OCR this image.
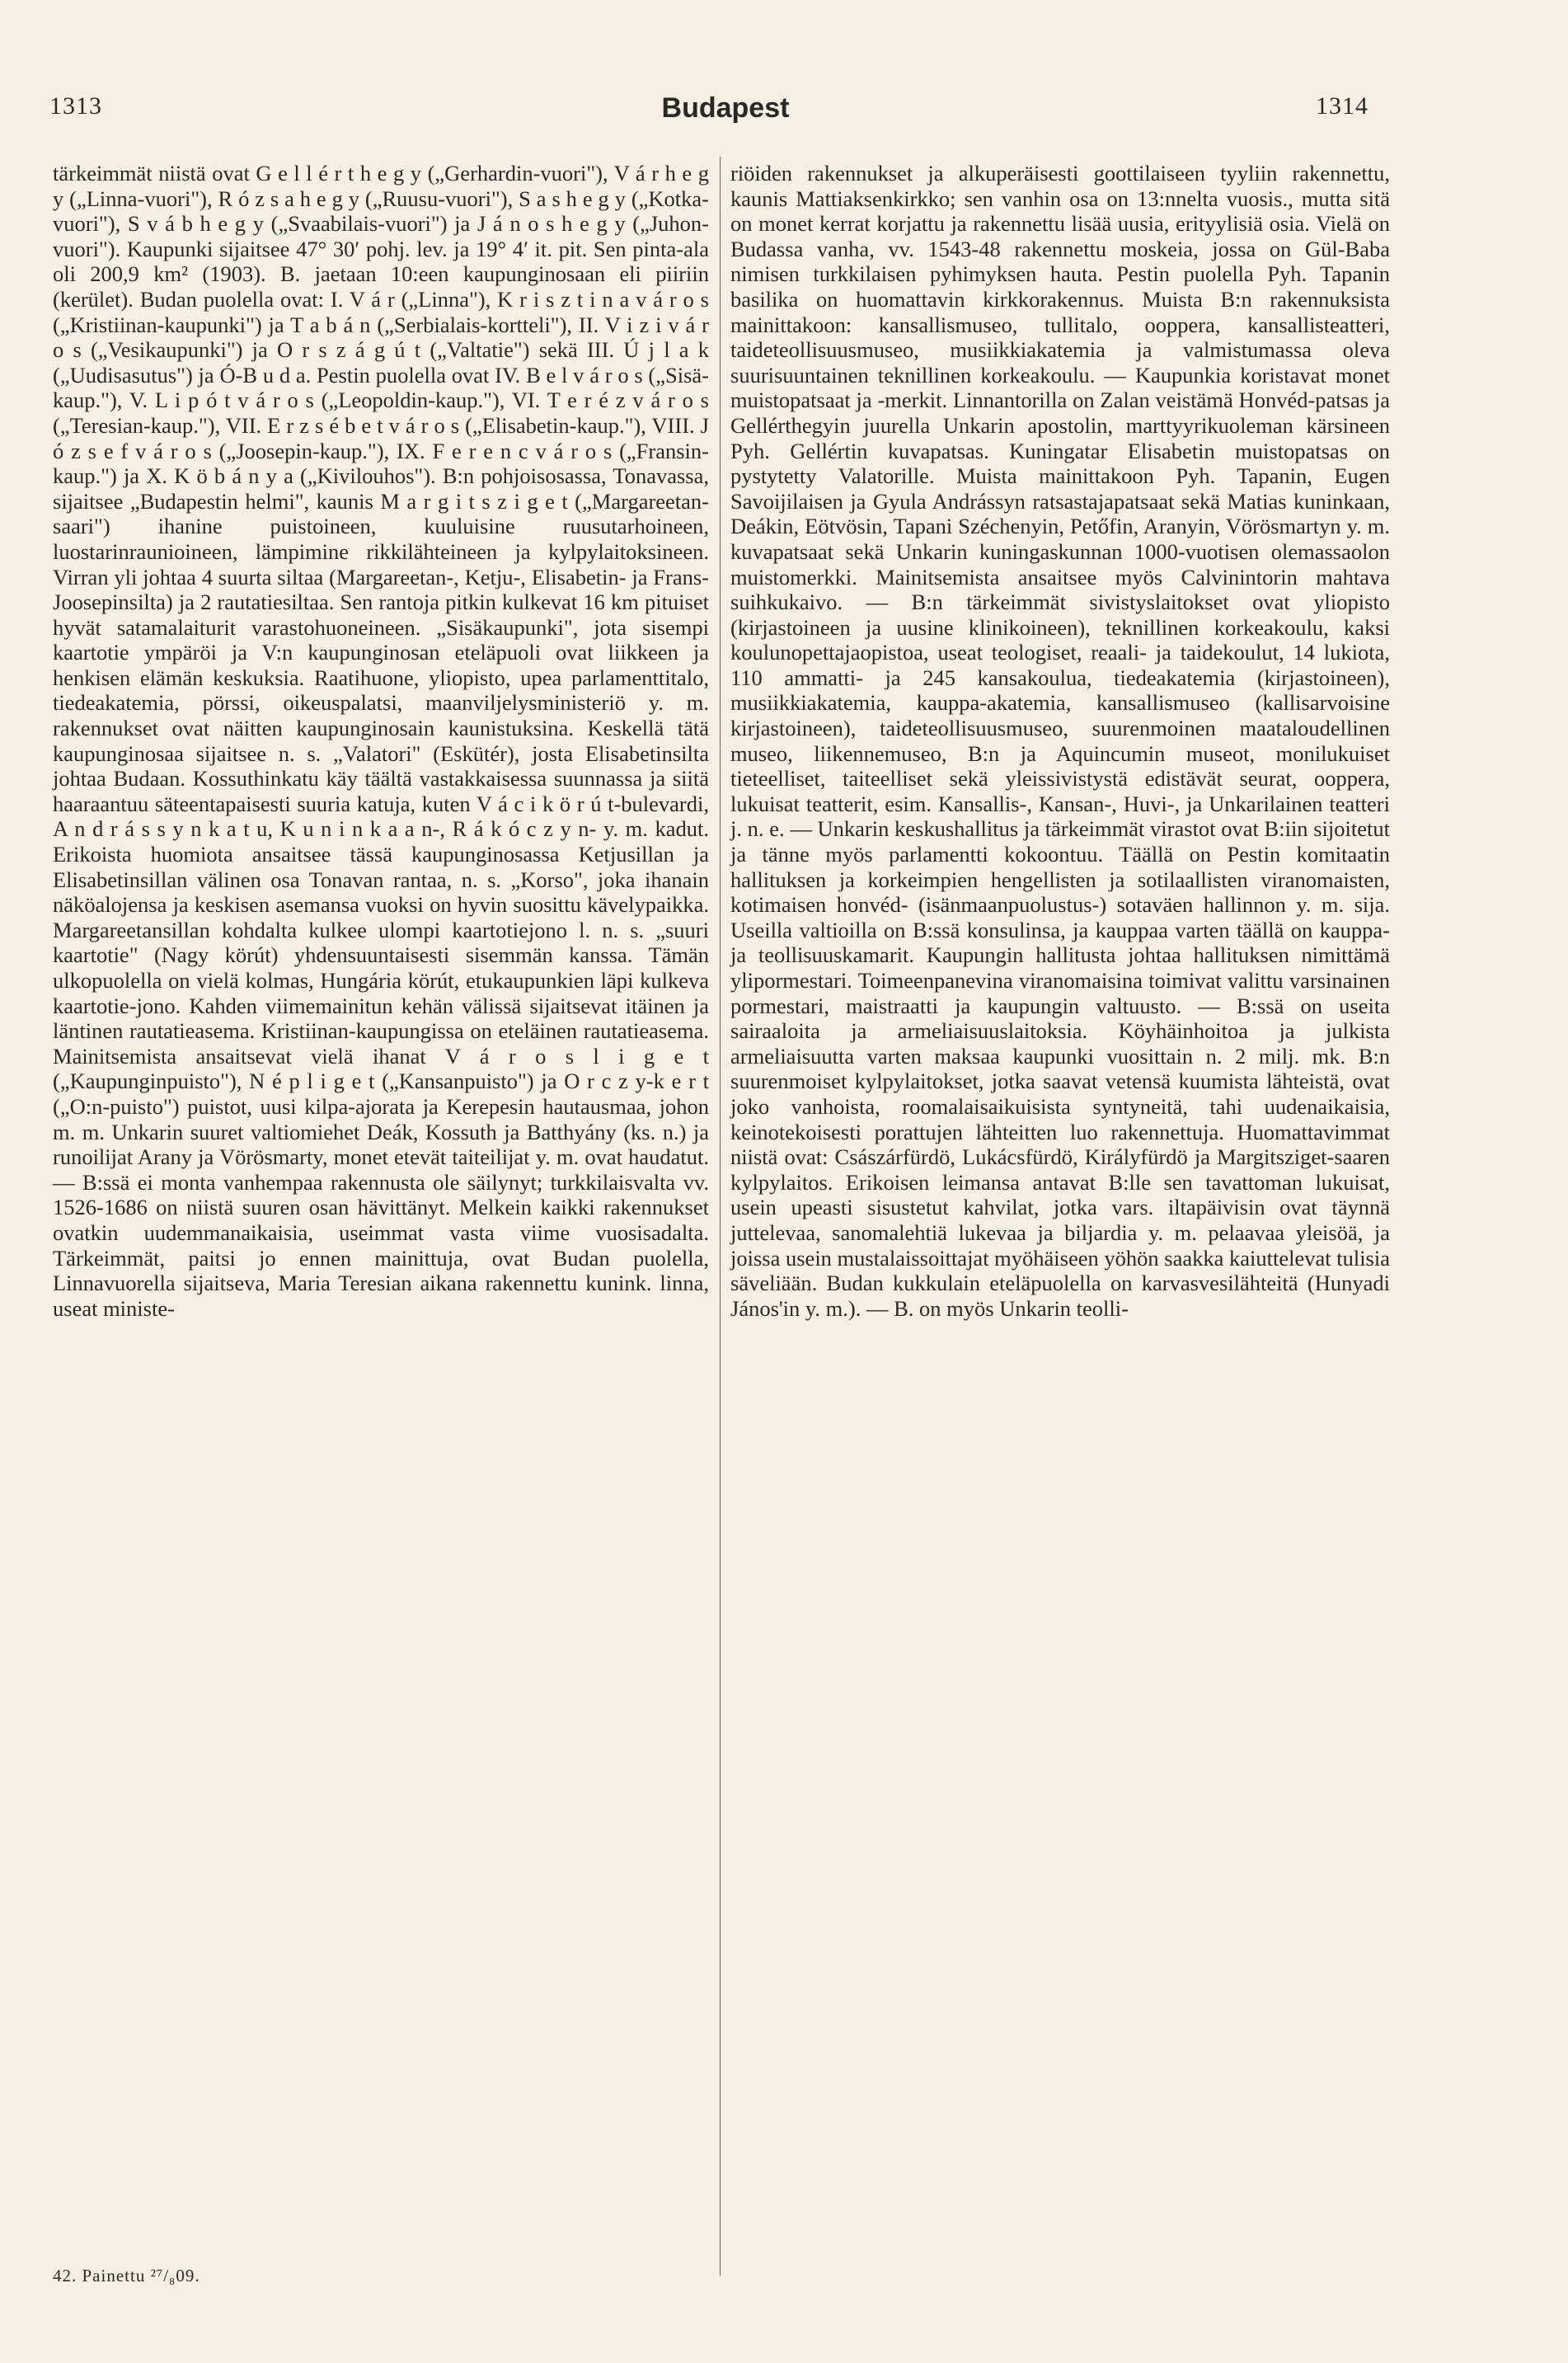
1313	Budapest	1314

tärkeimmät niistä ovat G e l l é r t h e g y („Gerhardin-vuori"), V á r h e g y („Linna-vuori"), R ó z s a h e g y („Ruusu-vuori"), S a s h e g y („Kotka-vuori"), S v á b h e g y („Svaabilais-vuori") ja J á n o s h e g y („Juhon-vuori"). Kaupunki sijaitsee 47° 30′ pohj. lev. ja 19° 4′ it. pit. Sen pinta-ala oli 200,9 km² (1903). B. jaetaan 10:een kaupunginosaan eli piiriin (kerület). Budan puolella ovat: I. V á r („Linna"), K r i s z t i n a v á r o s („Kristiinan-kaupunki") ja T a b á n („Serbialais-kortteli"), II. V i z i v á r o s („Vesikaupunki") ja O r s z á g ú t („Valtatie") sekä III. Ú j l a k („Uudisasutus") ja Ó-B u d a. Pestin puolella ovat IV. B e l v á r o s („Sisä-kaup."), V. L i p ó t v á r o s („Leopoldin-kaup."), VI. T e r é z v á r o s („Teresian-kaup."), VII. E r z s é b e t v á r o s („Elisabetin-kaup."), VIII. J ó z s e f v á r o s („Joosepin-kaup."), IX. F e r e n c v á r o s („Fransin-kaup.") ja X. K ö b á n y a („Kivilouhos"). B:n pohjoisosassa, Tonavassa, sijaitsee „Budapestin helmi", kaunis M a r g i t s z i g e t („Margareetan-saari") ihanine puistoineen, kuuluisine ruusutarhoineen, luostarinraunioineen, lämpimine rikkilähteineen ja kylpylaitoksineen. Virran yli johtaa 4 suurta siltaa (Margareetan-, Ketju-, Elisabetin- ja Frans-Joosepinsilta) ja 2 rautatiesiltaa. Sen rantoja pitkin kulkevat 16 km pituiset hyvät satamalaiturit varastohuoneineen. „Sisäkaupunki", jota sisempi kaartotie ympäröi ja V:n kaupunginosan eteläpuoli ovat liikkeen ja henkisen elämän keskuksia. Raatihuone, yliopisto, upea parlamenttitalo, tiedeakatemia, pörssi, oikeuspalatsi, maanviljelysministeriö y. m. rakennukset ovat näitten kaupunginosain kaunistuksina. Keskellä tätä kaupunginosaa sijaitsee n. s. „Valatori" (Eskütér), josta Elisabetinsilta johtaa Budaan. Kossuthinkatu käy täältä vastakkaisessa suunnassa ja siitä haaraantuu säteentapaisesti suuria katuja, kuten V á c i k ö r ú t-bulevardi, A n d r á s s y n k a t u, K u n i n k a a n-, R á k ó c z y n- y. m. kadut. Erikoista huomiota ansaitsee tässä kaupunginosassa Ketjusillan ja Elisabetinsillan välinen osa Tonavan rantaa, n. s. „Korso", joka ihanain näköalojensa ja keskisen asemansa vuoksi on hyvin suosittu kävelypaikka. Margareetansillan kohdalta kulkee ulompi kaartotiejono l. n. s. „suuri kaartotie" (Nagy körút) yhdensuuntaisesti sisemmän kanssa. Tämän ulkopuolella on vielä kolmas, Hungária körút, etukaupunkien läpi kulkeva kaartotie-jono. Kahden viimemainitun kehän välissä sijaitsevat itäinen ja läntinen rautatieasema. Kristiinan-kaupungissa on eteläinen rautatieasema. Mainitsemista ansaitsevat vielä ihanat V á r o s l i g e t („Kaupunginpuisto"), N é p l i g e t („Kansanpuisto") ja O r c z y-k e r t („O:n-puisto") puistot, uusi kilpa-ajorata ja Kerepesin hautausmaa, johon m. m. Unkarin suuret valtiomiehet Deák, Kossuth ja Batthyány (ks. n.) ja runoilijat Arany ja Vörösmarty, monet etevät taiteilijat y. m. ovat haudatut. — B:ssä ei monta vanhempaa rakennusta ole säilynyt; turkkilaisvalta vv. 1526-1686 on niistä suuren osan hävittänyt. Melkein kaikki rakennukset ovatkin uudemmanaikaisia, useimmat vasta viime vuosisadalta. Tärkeimmät, paitsi jo ennen mainittuja, ovat Budan puolella, Linnavuorella sijaitseva, Maria Teresian aikana rakennettu kunink. linna, useat ministe-

riöiden rakennukset ja alkuperäisesti goottilaiseen tyyliin rakennettu, kaunis Mattiaksenkirkko; sen vanhin osa on 13:nnelta vuosis., mutta sitä on monet kerrat korjattu ja rakennettu lisää uusia, erityylisiä osia. Vielä on Budassa vanha, vv. 1543-48 rakennettu moskeia, jossa on Gül-Baba nimisen turkkilaisen pyhimyksen hauta. Pestin puolella Pyh. Tapanin basilika on huomattavin kirkkorakennus. Muista B:n rakennuksista mainittakoon: kansallismuseo, tullitalo, ooppera, kansallisteatteri, taideteollisuusmuseo, musiikkiakatemia ja valmistumassa oleva suurisuuntainen teknillinen korkeakoulu. — Kaupunkia koristavat monet muistopatsaat ja -merkit. Linnantorilla on Zalan veistämä Honvéd-patsas ja Gellérthegyin juurella Unkarin apostolin, marttyyrikuoleman kärsineen Pyh. Gellértin kuvapatsas. Kuningatar Elisabetin muistopatsas on pystytetty Valatorille. Muista mainittakoon Pyh. Tapanin, Eugen Savoijilaisen ja Gyula Andrássyn ratsastajapatsaat sekä Matias kuninkaan, Deákin, Eötvösin, Tapani Széchenyin, Petőfin, Aranyin, Vörösmartyn y. m. kuvapatsaat sekä Unkarin kuningaskunnan 1000-vuotisen olemassaolon muistomerkki. Mainitsemista ansaitsee myös Calvinintorin mahtava suihkukaivo. — B:n tärkeimmät sivistyslaitokset ovat yliopisto (kirjastoineen ja uusine klinikoineen), teknillinen korkeakoulu, kaksi koulunopettajaopistoa, useat teologiset, reaali- ja taidekoulut, 14 lukiota, 110 ammatti- ja 245 kansakoulua, tiedeakatemia (kirjastoineen), musiikkiakatemia, kauppa-akatemia, kansallismuseo (kallisarvoisine kirjastoineen), taideteollisuusmuseo, suurenmoinen maataloudellinen museo, liikennemuseo, B:n ja Aquincumin museot, monilukuiset tieteelliset, taiteelliset sekä yleissivistystä edistävät seurat, ooppera, lukuisat teatterit, esim. Kansallis-, Kansan-, Huvi-, ja Unkarilainen teatteri j. n. e. — Unkarin keskushallitus ja tärkeimmät virastot ovat B:iin sijoitetut ja tänne myös parlamentti kokoontuu. Täällä on Pestin komitaatin hallituksen ja korkeimpien hengellisten ja sotilaallisten viranomaisten, kotimaisen honvéd- (isänmaanpuolustus-) sotaväen hallinnon y. m. sija. Useilla valtioilla on B:ssä konsulinsa, ja kauppaa varten täällä on kauppa- ja teollisuuskamarit. Kaupungin hallitusta johtaa hallituksen nimittämä ylipormestari. Toimeenpanevina viranomaisina toimivat valittu varsinainen pormestari, maistraatti ja kaupungin valtuusto. — B:ssä on useita sairaaloita ja armeliaisuuslaitoksia. Köyhäinhoitoa ja julkista armeliaisuutta varten maksaa kaupunki vuosittain n. 2 milj. mk. B:n suurenmoiset kylpylaitokset, jotka saavat vetensä kuumista lähteistä, ovat joko vanhoista, roomalaisaikuisista syntyneitä, tahi uudenaikaisia, keinotekoisesti porattujen lähteitten luo rakennettuja. Huomattavimmat niistä ovat: Császárfürdö, Lukácsfürdö, Királyfürdö ja Margitsziget-saaren kylpylaitos. Erikoisen leimansa antavat B:lle sen tavattoman lukuisat, usein upeasti sisustetut kahvilat, jotka vars. iltapäivisin ovat täynnä juttelevaa, sanomalehtiä lukevaa ja biljardia y. m. pelaavaa yleisöä, ja joissa usein mustalaissoittajat myöhäiseen yöhön saakka kaiuttelevat tulisia säveliään. Budan kukkulain eteläpuolella on karvasvesilähteitä (Hunyadi János'in y. m.). — B. on myös Unkarin teolli-

42. Painettu ²⁷/₈09.
